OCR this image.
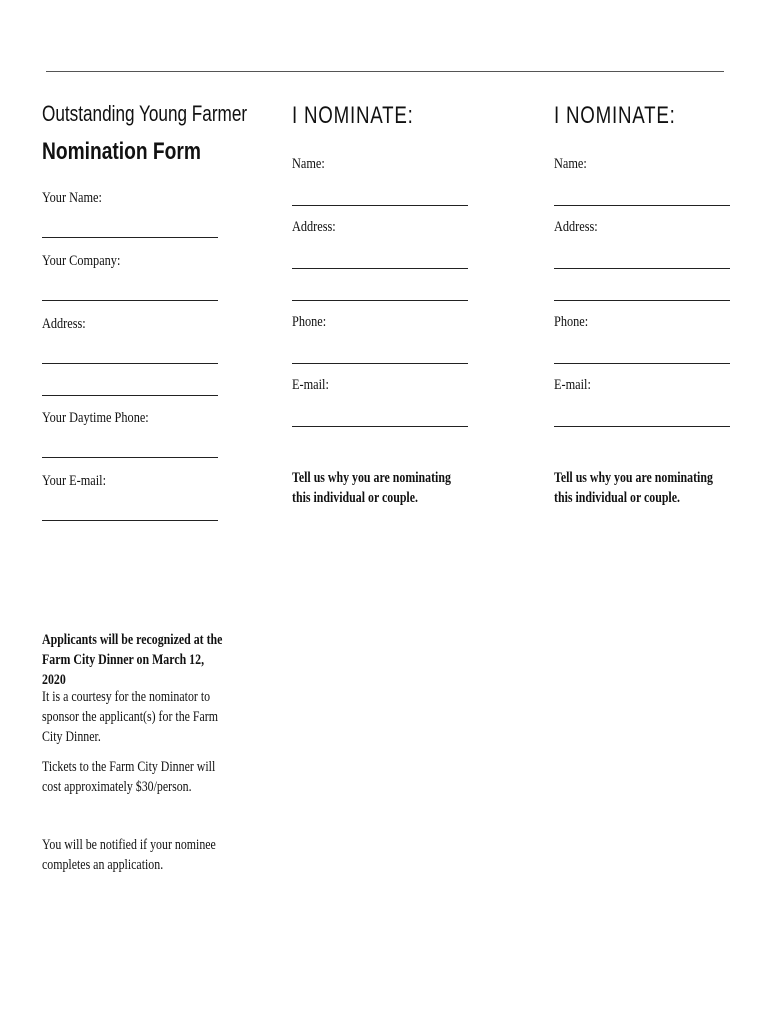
Outstanding Young Farmer
Nomination Form
Your Name:
Your Company:
Address:
Your Daytime Phone:
Your E-mail:
Applicants will be recognized at the Farm City Dinner on March 12, 2020
It is a courtesy for the nominator to sponsor the applicant(s) for the Farm City Dinner.
Tickets to the Farm City Dinner will cost approximately $30/person.
You will be notified if your nominee completes an application.
I NOMINATE:
Name:
Address:
Phone:
E-mail:
Tell us why you are nominating this individual or couple.
I NOMINATE:
Name:
Address:
Phone:
E-mail:
Tell us why you are nominating this individual or couple.
